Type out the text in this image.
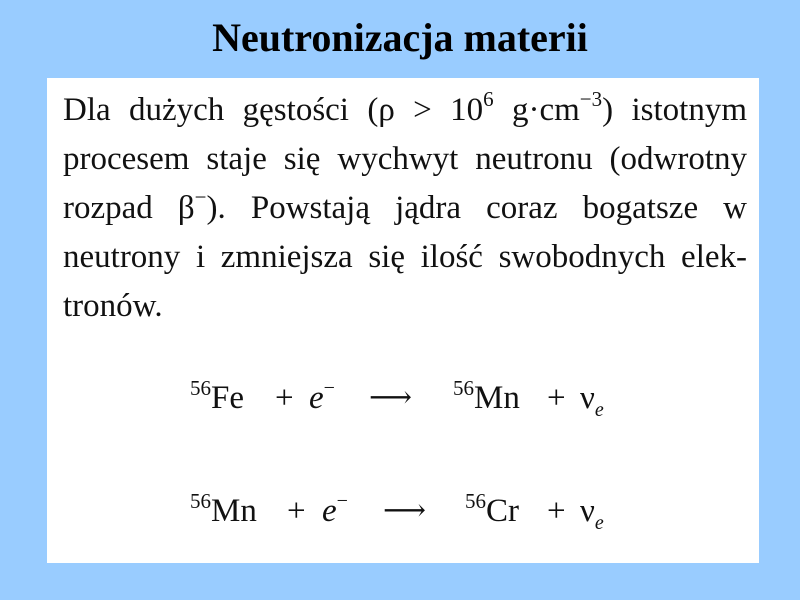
Neutronizacja materii
Dla dużych gęstości ($\rho > 10^6$ $g\cdot cm^{-3}$) istotnym
procesem staje się wychwyt neutronu (odwrotny
rozpad β−). Powstają jądra coraz bogatsze w
neutrony i zmniejsza się ilość swobodnych elek-
tronów.
$^{56}$Fe + e− ⟶ $^{56}Mn + \nu_e$
$^{56}$Mn + e− ⟶ $^{56}Cr + \nu_e$
